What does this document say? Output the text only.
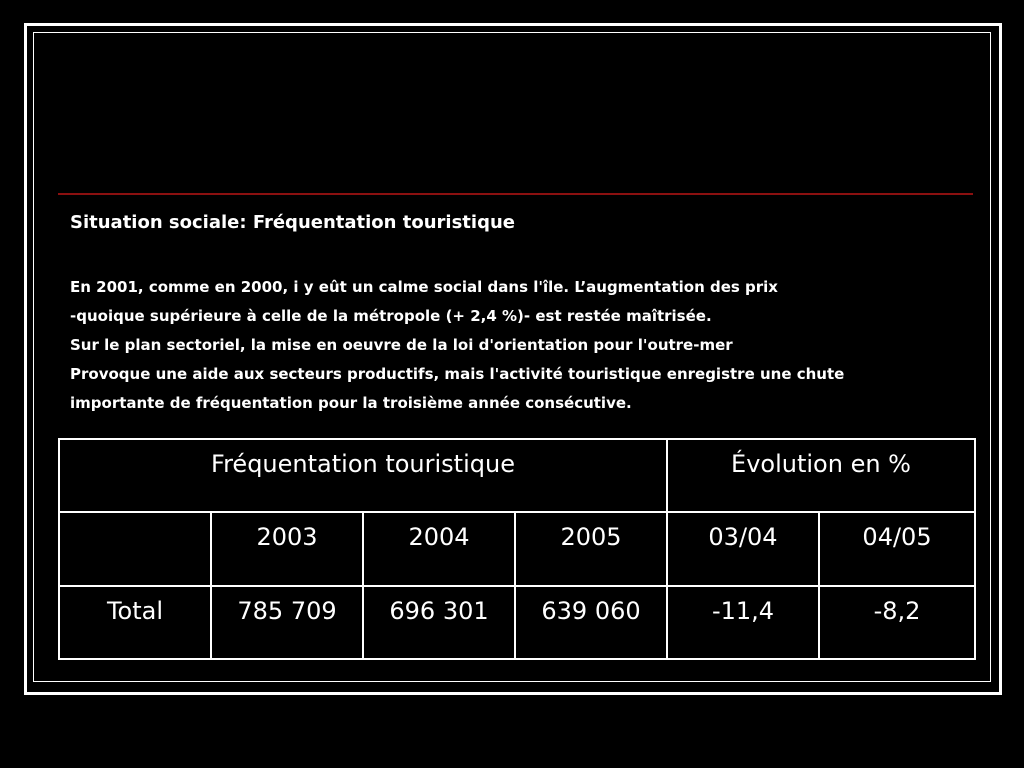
Situation sociale: Fréquentation touristique
En 2001, comme en 2000, i y eût un calme social dans l'île. L’augmentation des prix
-quoique supérieure à celle de la métropole (+ 2,4 %)- est restée maîtrisée.
Sur le plan sectoriel, la mise en oeuvre de la loi d'orientation pour l'outre-mer
Provoque une aide aux secteurs productifs, mais l'activité touristique enregistre une chute
importante de fréquentation pour la troisième année consécutive.
Fréquentation touristique				Évolution en %	
	2003	2004	2005	03/04	04/05
Total	785 709	696 301	639 060	-11,4	-8,2
